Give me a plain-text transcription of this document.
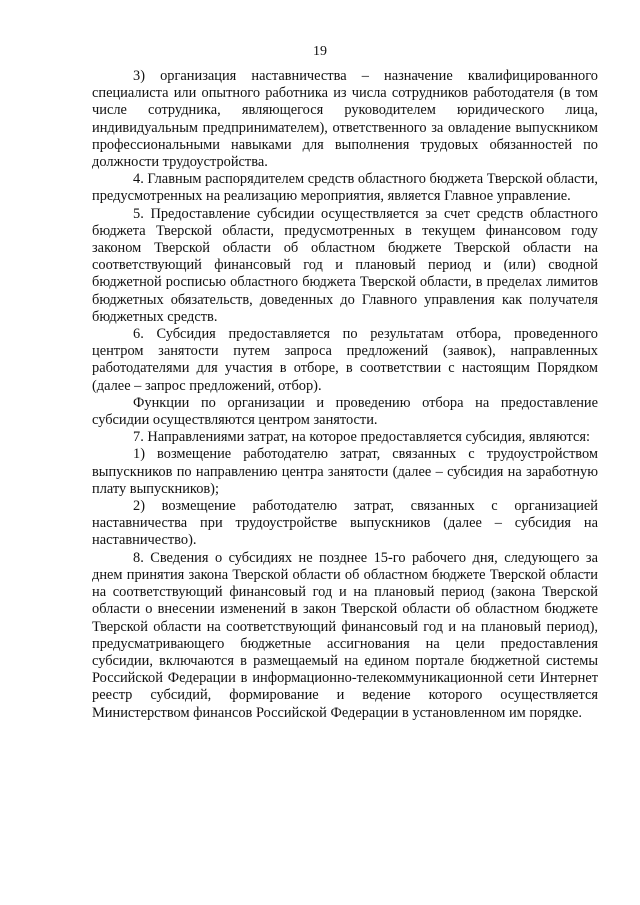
19

3) организация наставничества – назначение квалифицированного специалиста или опытного работника из числа сотрудников работодателя (в том числе сотрудника, являющегося руководителем юридического лица, индивидуальным предпринимателем), ответственного за овладение выпускником профессиональными навыками для выполнения трудовых обязанностей по должности трудоустройства.

4. Главным распорядителем средств областного бюджета Тверской области, предусмотренных на реализацию мероприятия, является Главное управление.

5. Предоставление субсидии осуществляется за счет средств областного бюджета Тверской области, предусмотренных в текущем финансовом году законом Тверской области об областном бюджете Тверской области на соответствующий финансовый год и плановый период и (или) сводной бюджетной росписью областного бюджета Тверской области, в пределах лимитов бюджетных обязательств, доведенных до Главного управления как получателя бюджетных средств.

6. Субсидия предоставляется по результатам отбора, проведенного центром занятости путем запроса предложений (заявок), направленных работодателями для участия в отборе, в соответствии с настоящим Порядком (далее – запрос предложений, отбор).

Функции по организации и проведению отбора на предоставление субсидии осуществляются центром занятости.

7. Направлениями затрат, на которое предоставляется субсидия, являются:

1) возмещение работодателю затрат, связанных с трудоустройством выпускников по направлению центра занятости (далее – субсидия на заработную плату выпускников);

2) возмещение работодателю затрат, связанных с организацией наставничества при трудоустройстве выпускников (далее – субсидия на наставничество).

8. Сведения о субсидиях не позднее 15-го рабочего дня, следующего за днем принятия закона Тверской области об областном бюджете Тверской области на соответствующий финансовый год и на плановый период (закона Тверской области о внесении изменений в закон Тверской области об областном бюджете Тверской области на соответствующий финансовый год и на плановый период), предусматривающего бюджетные ассигнования на цели предоставления субсидии, включаются в размещаемый на едином портале бюджетной системы Российской Федерации в информационно-телекоммуникационной сети Интернет реестр субсидий, формирование и ведение которого осуществляется Министерством финансов Российской Федерации в установленном им порядке.
